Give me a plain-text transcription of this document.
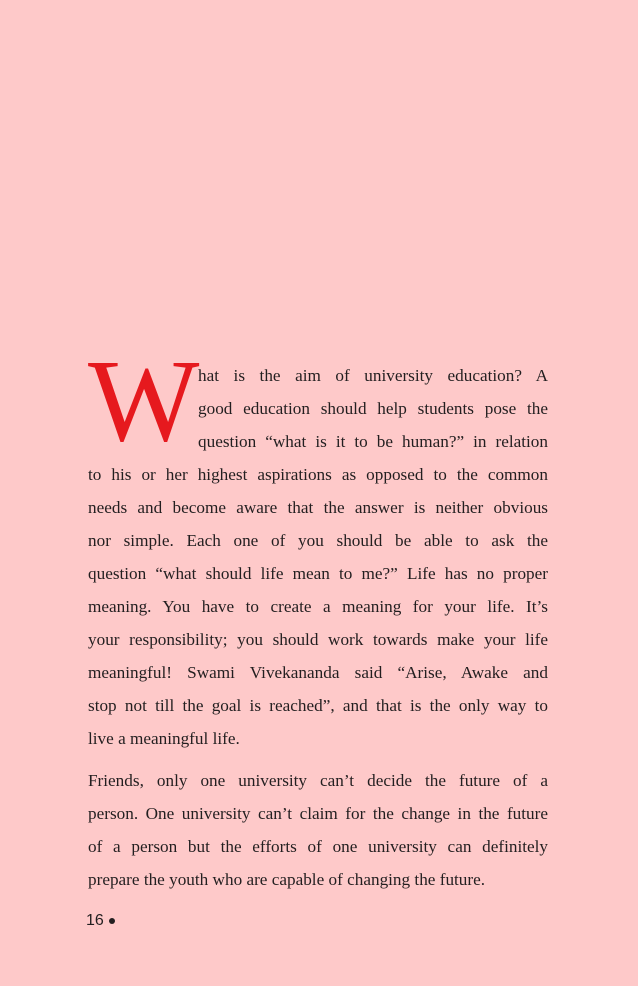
W
hat is the aim of university education? A
good education should help students pose the
question “what is it to be human?” in relation
to his or her highest aspirations as opposed to the common
needs and become aware that the answer is neither obvious
nor simple. Each one of you should be able to ask the
question “what should life mean to me?” Life has no proper
meaning. You have to create a meaning for your life. It’s
your responsibility; you should work towards make your life
meaningful! Swami Vivekananda said “Arise, Awake and
stop not till the goal is reached”, and that is the only way to
live a meaningful life.
Friends, only one university can’t decide the future of a
person. One university can’t claim for the change in the future
of a person but the efforts of one university can definitely
prepare the youth who are capable of changing the future.
16
